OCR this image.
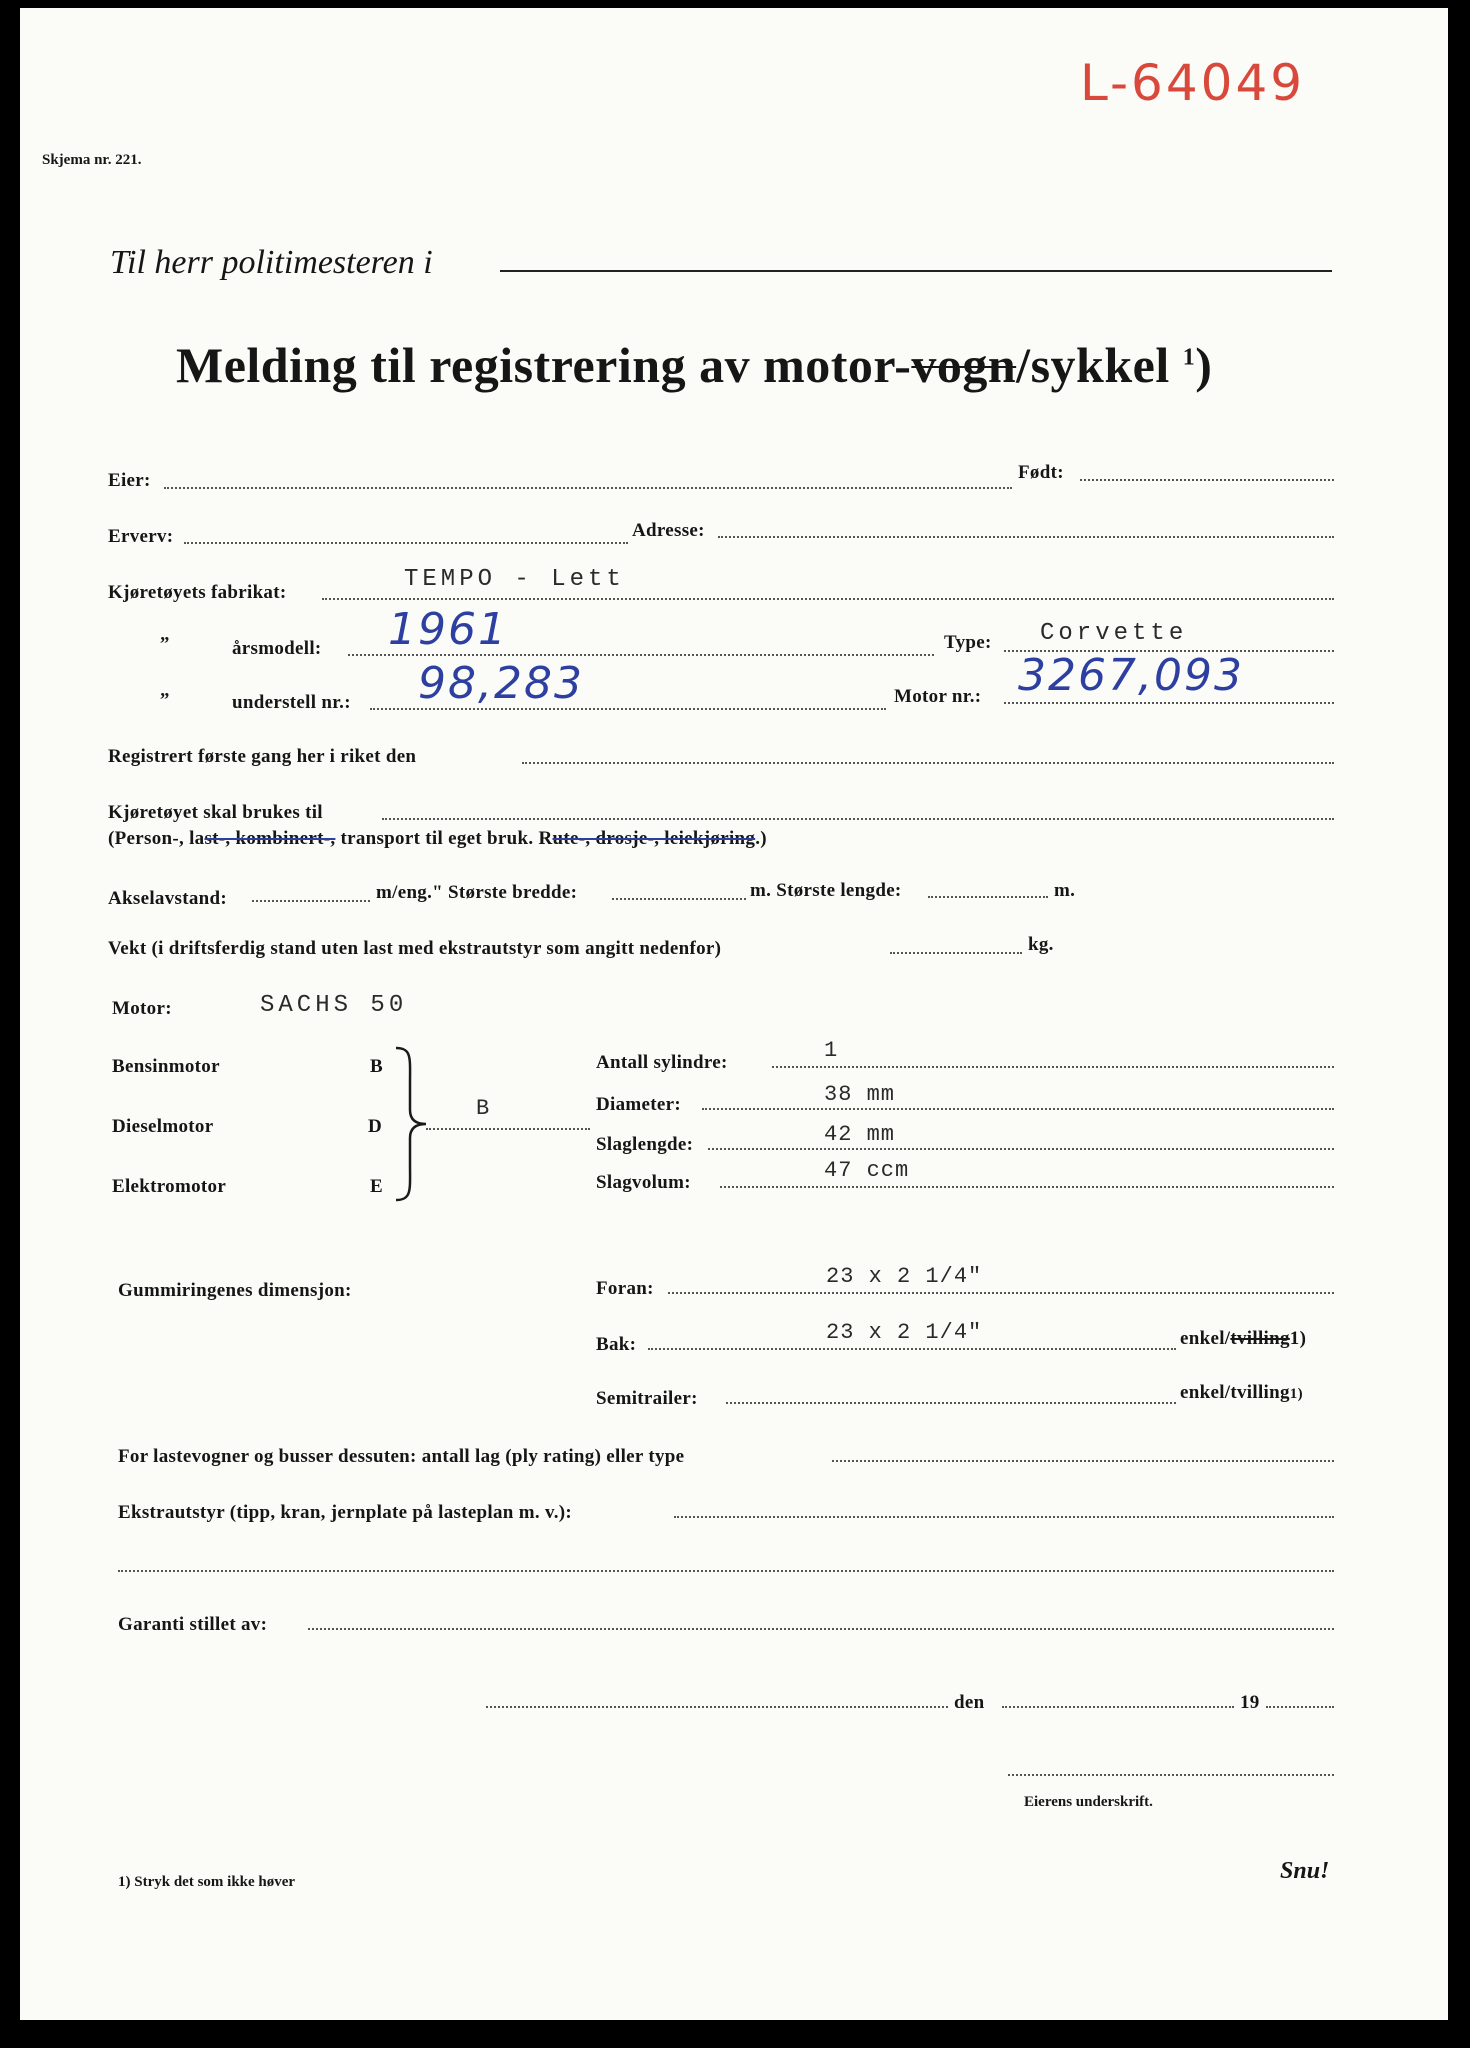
L-64049
Skjema nr. 221.
Til herr politimesteren i
Melding til registrering av motor-vogn/sykkel $^1$)
Eier:	Født:
Erverv:	Adresse:
Kjøretøyets fabrikat:	TEMPO - Lett
„
årsmodell: 1961	Type: Corvette
„
understell nr.: 98,283	Motor nr.: 3267,093
Registrert første gang her i riket den
Kjøretøyet skal brukes til
(Person-, last-, kombinert-, transport til eget bruk. Rute-, drosje-, leiekjøring.)
Akselavstand:	m/eng." Største bredde:	m. Største lengde:	m.
Vekt (i driftsferdig stand uten last med ekstrautstyr som angitt nedenfor)	kg.
Motor:	SACHS 50
Bensinmotor	B
Dieselmotor	D
Elektromotor	E
B
Antall sylindre:	1
Diameter:	38 mm
Slaglengde:	42 mm
Slagvolum:	47 ccm
Gummiringenes dimensjon:	Foran:	23 x 2 1/4"
Bak:	23 x 2 1/4"	enkel/tvilling1)
Semitrailer:	enkel/tvilling1)
For lastevogner og busser dessuten: antall lag (ply rating) eller type
Ekstrautstyr (tipp, kran, jernplate på lasteplan m. v.):
Garanti stillet av:
den	19
Eierens underskrift.
1) Stryk det som ikke høver	Snu!
